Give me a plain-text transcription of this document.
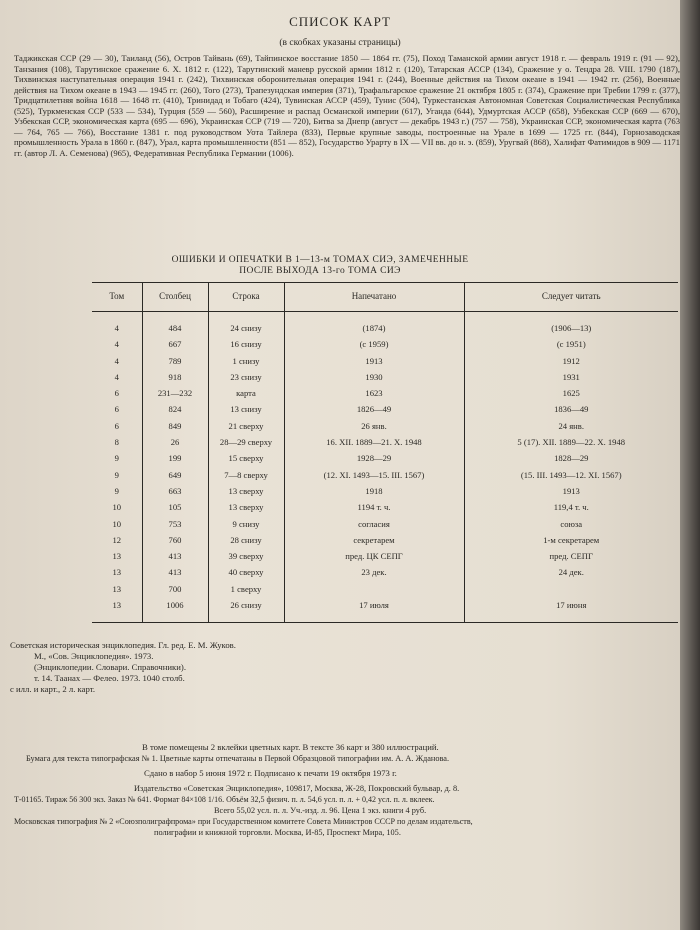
СПИСОК КАРТ
(в скобках указаны страницы)
Таджикская ССР (29 — 30), Таиланд (56), Остров Тайвань (69), Тайпинское восстание 1850 — 1864 гг. (75), Поход Таманской армии август 1918 г. — февраль 1919 г. (91 — 92), Танзания (108), Тарутинское сражение 6. X. 1812 г. (122), Тарутинский маневр русской армии 1812 г. (120), Татарская АССР (134), Сражение у о. Тендра 28. VIII. 1790 (187), Тихвинская наступательная операция 1941 г. (242), Тихвинская оборонительная операция 1941 г. (244), Военные действия на Тихом океане в 1941 — 1942 гг. (256), Военные действия на Тихом океане в 1943 — 1945 гг. (260), Того (273), Трапезундская империя (371), Трафальгарское сражение 21 октября 1805 г. (374), Сражение при Требии 1799 г. (377), Тридцатилетняя война 1618 — 1648 гг. (410), Тринидад и Тобаго (424), Тувинская АССР (459), Тунис (504), Туркестанская Автономная Советская Социалистическая Республика (525), Туркменская ССР (533 — 534), Турция (559 — 560), Расширение и распад Османской империи (617), Уганда (644), Удмуртская АССР (658), Узбекская ССР (669 — 670), Узбекская ССР, экономическая карта (695 — 696), Украинская ССР (719 — 720), Битва за Днепр (август — декабрь 1943 г.) (757 — 758), Украинская ССР, экономическая карта (763 — 764, 765 — 766), Восстание 1381 г. под руководством Уота Тайлера (833), Первые крупные заводы, построенные на Урале в 1699 — 1725 гг. (844), Горнозаводская промышленность Урала в 1860 г. (847), Урал, карта промышленности (851 — 852), Государство Урарту в IX — VII вв. до н. э. (859), Уругвай (868), Халифат Фатимидов в 909 — 1171 гг. (автор Л. А. Семенова) (965), Федеративная Республика Германии (1006).
ОШИБКИ И ОПЕЧАТКИ В 1—13-м ТОМАХ СИЭ, ЗАМЕЧЕННЫЕ
ПОСЛЕ ВЫХОДА 13-го ТОМА СИЭ
Том	Столбец	Строка	Напечатано	Следует читать
4	484	24 снизу	(1874)	(1906—13)
4	667	16 снизу	(с 1959)	(с 1951)
4	789	1 снизу	1913	1912
4	918	23 снизу	1930	1931
6	231—232	карта	1623	1625
6	824	13 снизу	1826—49	1836—49
6	849	21 сверху	26 янв.	24 янв.
8	26	28—29 сверху	16. XII. 1889—21. X. 1948	5 (17). XII. 1889—22. X. 1948
9	199	15 сверху	1928—29	1828—29
9	649	7—8 сверху	(12. XI. 1493—15. III. 1567)	(15. III. 1493—12. XI. 1567)
9	663	13 сверху	1918	1913
10	105	13 сверху	1194 т. ч.	119,4 т. ч.
10	753	9 снизу	согласия	союза
12	760	28 снизу	секретарем	1-м секретарем
13	413	39 сверху	пред. ЦК СЕПГ	пред. СЕПГ
13	413	40 сверху	23 дек.	24 дек.
13	700	1 сверху		
13	1006	26 снизу	17 июля	17 июня
Советская историческая энциклопедия. Гл. ред. Е. М. Жуков.
М., «Сов. Энциклопедия». 1973.
(Энциклопедии. Словари. Справочники).
т. 14. Таанах — Фелео. 1973. 1040 столб.
с илл. и карт., 2 л. карт.
В томе помещены 2 вклейки цветных карт. В тексте 36 карт и 380 иллюстраций.
Бумага для текста типографская № 1. Цветные карты отпечатаны в Первой Образцовой типографии им. А. А. Жданова.
Сдано в набор 5 июня 1972 г. Подписано к печати 19 октября 1973 г.
Издательство «Советская Энциклопедия», 109817, Москва, Ж-28, Покровский бульвар, д. 8.
Т-01165. Тираж 56 300 экз. Заказ № 641. Формат 84×108 1/16. Объём 32,5 физич. п. л. 54,6 усл. п. л. + 0,42 усл. п. л. вклеек.
Всего 55,02 усл. п. л. Уч.-изд. л. 96. Цена 1 экз. книги 4 руб.
Московская типография № 2 «Союзполиграфпрома» при Государственном комитете Совета Министров СССР по делам издательств,
полиграфии и книжной торговли. Москва, И-85, Проспект Мира, 105.
